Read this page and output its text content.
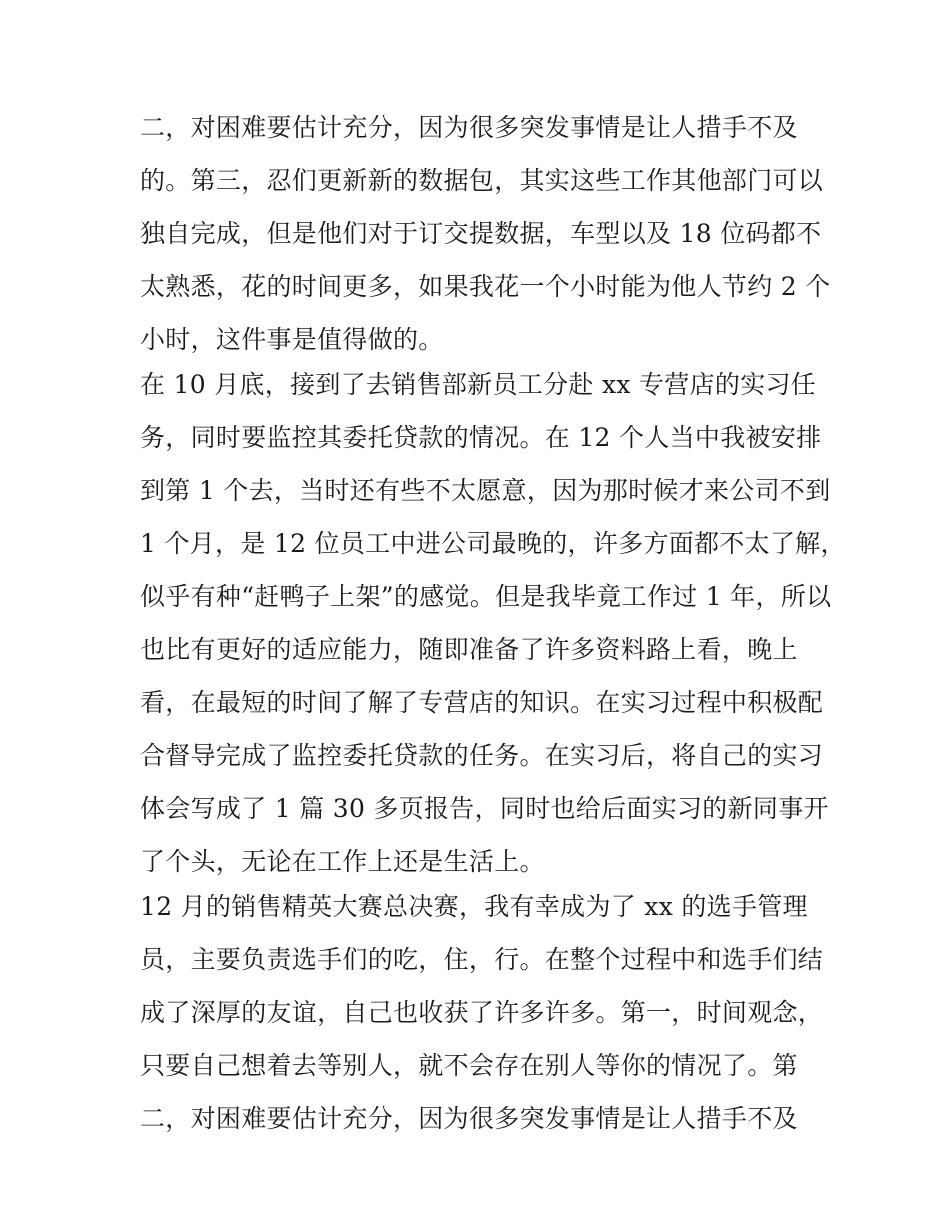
二，对困难要估计充分，因为很多突发事情是让人措手不及
的。第三，忍们更新新的数据包，其实这些工作其他部门可以
独自完成，但是他们对于订交提数据，车型以及 18 位码都不
太熟悉，花的时间更多，如果我花一个小时能为他人节约 2 个
小时，这件事是值得做的。
在 10 月底，接到了去销售部新员工分赴 xx 专营店的实习任
务，同时要监控其委托贷款的情况。在 12 个人当中我被安排
到第 1 个去，当时还有些不太愿意，因为那时候才来公司不到
1 个月，是 12 位员工中进公司最晚的，许多方面都不太了解，
似乎有种“赶鸭子上架”的感觉。但是我毕竟工作过 1 年，所以
也比有更好的适应能力，随即准备了许多资料路上看，晚上
看，在最短的时间了解了专营店的知识。在实习过程中积极配
合督导完成了监控委托贷款的任务。在实习后，将自己的实习
体会写成了 1 篇 30 多页报告，同时也给后面实习的新同事开
了个头，无论在工作上还是生活上。
12 月的销售精英大赛总决赛，我有幸成为了 xx 的选手管理
员，主要负责选手们的吃，住，行。在整个过程中和选手们结
成了深厚的友谊，自己也收获了许多许多。第一，时间观念，
只要自己想着去等别人，就不会存在别人等你的情况了。第
二，对困难要估计充分，因为很多突发事情是让人措手不及
